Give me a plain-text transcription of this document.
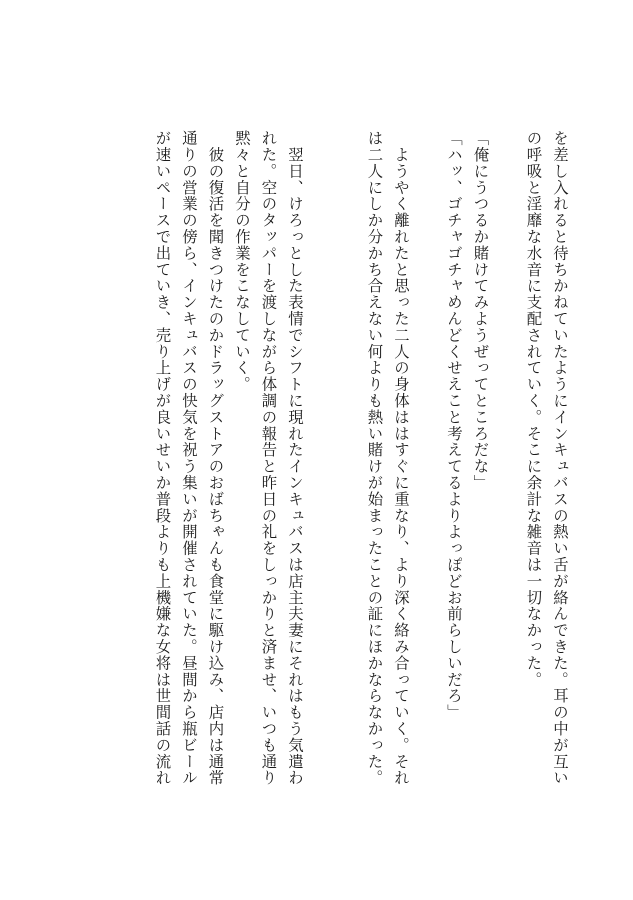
を差し入れると待ちかねていたようにインキュバスの熱い舌が絡んできた。耳の中が互い
の呼吸と淫靡な水音に支配されていく。そこに余計な雑音は一切なかった。

「俺にうつるか賭けてみようぜってところだな」
「ハッ、ゴチャゴチャめんどくせえこと考えてるよりよっぽどお前らしいだろ」

　ようやく離れたと思った二人の身体ははすぐに重なり、より深く絡み合っていく。それ
は二人にしか分かち合えない何よりも熱い賭けが始まったことの証にほかならなかった。

　翌日、けろっとした表情でシフトに現れたインキュバスは店主夫妻にそれはもう気遣わ
れた。空のタッパーを渡しながら体調の報告と昨日の礼をしっかりと済ませ、いつも通り
黙々と自分の作業をこなしていく。
　彼の復活を聞きつけたのかドラッグストアのおばちゃんも食堂に駆け込み、店内は通常
通りの営業の傍ら、インキュバスの快気を祝う集いが開催されていた。昼間から瓶ビール
が速いペースで出ていき、売り上げが良いせいか普段よりも上機嫌な女将は世間話の流れ
